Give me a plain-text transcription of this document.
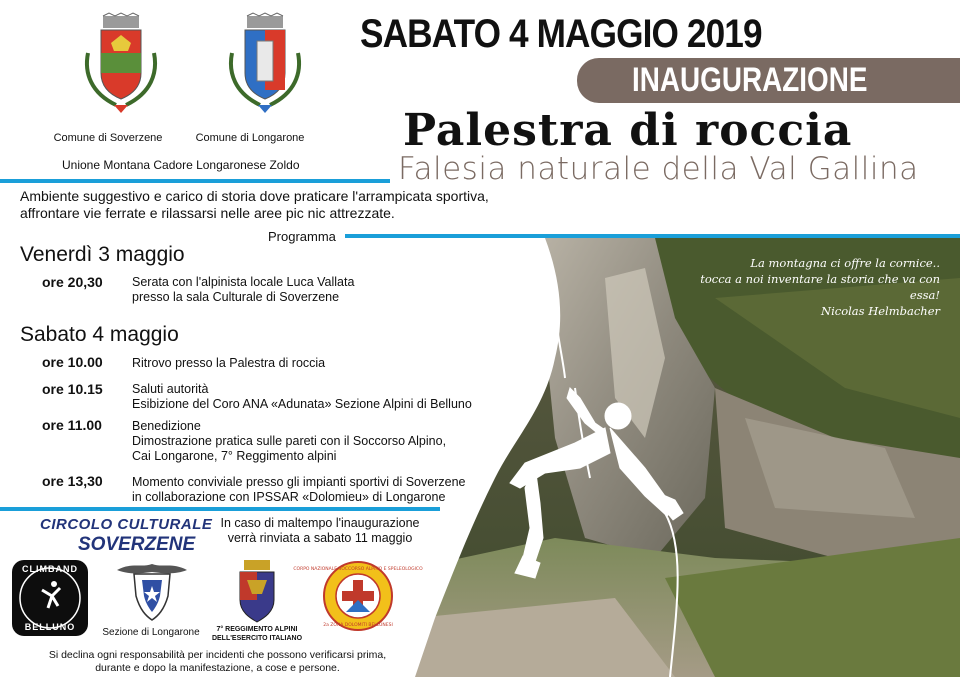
La montagna ci offre la cornice..
tocca a noi inventare la storia che va con essa!
Nicolas Helmbacher
Comune di Soverzene	Comune di Longarone
Unione Montana Cadore Longaronese Zoldo
SABATO 4 MAGGIO 2019
INAUGURAZIONE
Palestra di roccia
Falesia naturale della Val Gallina
Ambiente suggestivo e carico di storia dove praticare l'arrampicata sportiva,
affrontare vie ferrate e rilassarsi nelle aree pic nic attrezzate.
Programma
Venerdì 3 maggio
ore 20,30 Serata con l'alpinista locale Luca Vallata
presso la sala Culturale di Soverzene
Sabato 4 maggio
ore 10.00 Ritrovo presso la Palestra di roccia
ore 10.15 Saluti autorità
Esibizione del Coro ANA «Adunata» Sezione Alpini di Belluno
ore 11.00 Benedizione
Dimostrazione pratica sulle pareti con il Soccorso Alpino,
Cai Longarone, 7° Reggimento alpini
ore 13,30 Momento conviviale presso gli impianti sportivi di Soverzene
in collaborazione con IPSSAR «Dolomieu» di Longarone
CIRCOLO CULTURALE
SOVERZENE
In caso di maltempo l'inaugurazione
verrà rinviata a sabato 11 maggio
CLIMBAND
BELLUNO	Sezione di Longarone	7° REGGIMENTO ALPINI
DELL'ESERCITO ITALIANO
CORPO NAZIONALE SOCCORSO ALPINO E SPELEOLOGICO
2a ZONA DOLOMITI BELLUNESI
Si declina ogni responsabilità per incidenti che possono verificarsi prima,
durante e dopo la manifestazione, a cose e persone.
